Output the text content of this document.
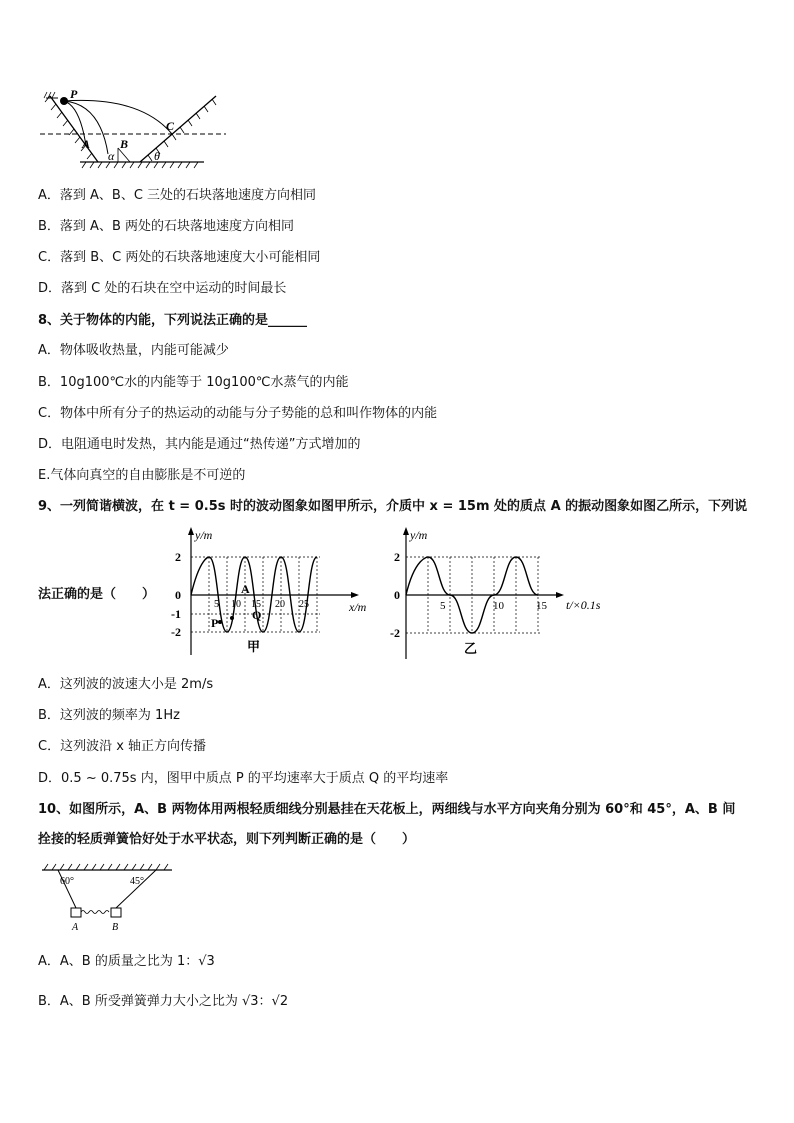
P
A B
C
α	θ
A．落到 A、B、C 三处的石块落地速度方向相同
B．落到 A、B 两处的石块落地速度方向相同
C．落到 B、C 两处的石块落地速度大小可能相同
D．落到 C 处的石块在空中运动的时间最长
8、关于物体的内能，下列说法正确的是______
A．物体吸收热量，内能可能减少
B．10g100℃水的内能等于 10g100℃水蒸气的内能
C．物体中所有分子的热运动的动能与分子势能的总和叫作物体的内能
D．电阻通电时发热，其内能是通过“热传递”方式增加的
E.气体向真空的自由膨胀是不可逆的
9、一列简谐横波，在 t = 0.5s 时的波动图象如图甲所示，介质中 x = 15m 处的质点 A 的振动图象如图乙所示，下列说
法正确的是（　　）
y/m
x/m
2
0
-1
-2
5 10 15 20 25
A
P
Q
甲
y/m
t/×0.1s
2
0
-2
5	10	15
乙
A．这列波的波速大小是 2m/s
B．这列波的频率为 1Hz
C．这列波沿 x 轴正方向传播
D．0.5 ~ 0.75s 内，图甲中质点 P 的平均速率大于质点 Q 的平均速率
10、如图所示，A、B 两物体用两根轻质细线分别悬挂在天花板上，两细线与水平方向夹角分别为 60°和 45°，A、B 间
拴接的轻质弹簧恰好处于水平状态，则下列判断正确的是（　　）
60°	45°
A	B
A．A、B 的质量之比为 1：√3
B．A、B 所受弹簧弹力大小之比为 √3：√2
